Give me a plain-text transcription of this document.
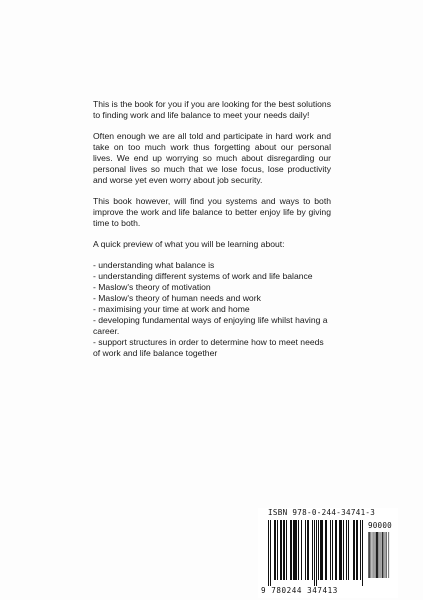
This is the book for you if you are looking for the best solutions to finding work and life balance to meet your needs daily!

Often enough we are all told and participate in hard work and take on too much work thus forgetting about our personal lives. We end up worrying so much about disregarding our personal lives so much that we lose focus, lose productivity and worse yet even worry about job security.

This book however, will find you systems and ways to both improve the work and life balance to better enjoy life by giving time to both.

A quick preview of what you will be learning about:

- understanding what balance is
- understanding different systems of work and life balance
- Maslow's theory of motivation
- Maslow's theory of human needs and work
- maximising your time at work and home
- developing fundamental ways of enjoying life whilst having a career.
- support structures in order to determine how to meet needs of work and life balance together
ISBN 978-0-244-34741-3
90000
9 780244 347413
